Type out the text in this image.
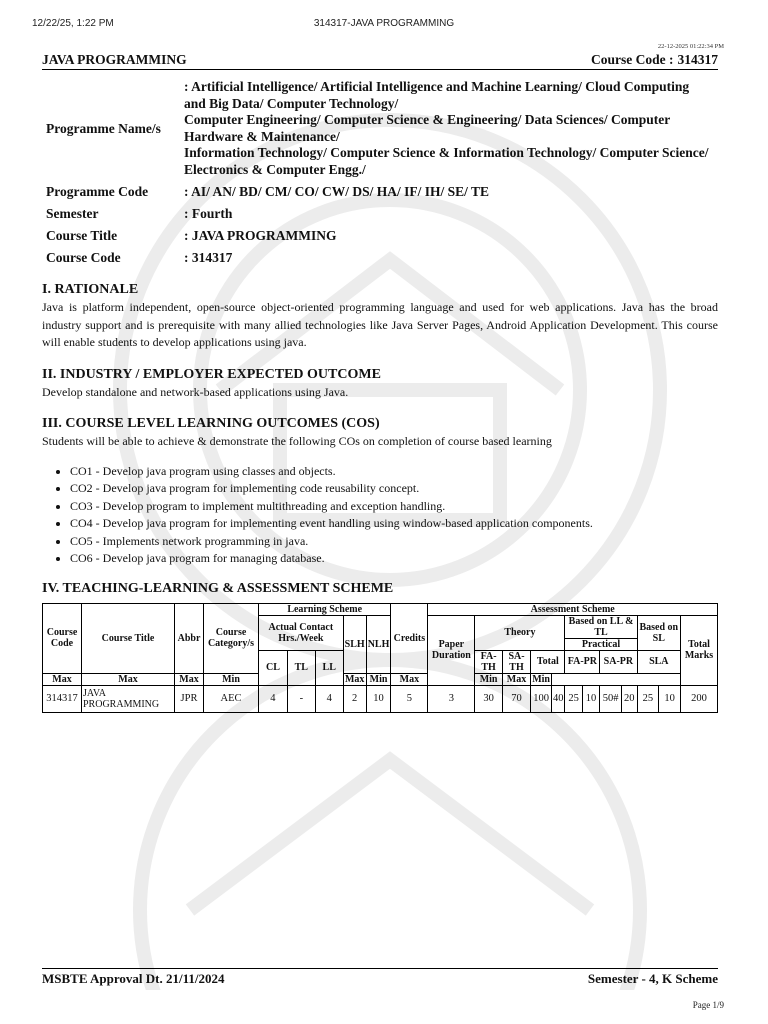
12/22/25, 1:22 PM	314317-JAVA PROGRAMMING
22-12-2025 01:22:34 PM
JAVA PROGRAMMING	Course Code : 314317
Programme Name/s	: Artificial Intelligence/ Artificial Intelligence and Machine Learning/ Cloud Computing and Big Data/ Computer Technology/
Computer Engineering/ Computer Science & Engineering/ Data Sciences/ Computer Hardware & Maintenance/
Information Technology/ Computer Science & Information Technology/ Computer Science/ Electronics & Computer Engg./

Programme Code	: AI/ AN/ BD/ CM/ CO/ CW/ DS/ HA/ IF/ IH/ SE/ TE
Semester	: Fourth
Course Title	: JAVA PROGRAMMING
Course Code	: 314317
I. RATIONALE

Java is platform independent, open-source object-oriented programming language and used for web applications. Java has the broad industry support and is prerequisite with many allied technologies like Java Server Pages, Android Application Development. This course will enable students to develop applications using java.

II. INDUSTRY / EMPLOYER EXPECTED OUTCOME

Develop standalone and network-based applications using Java.

III. COURSE LEVEL LEARNING OUTCOMES (COS)

Students will be able to achieve & demonstrate the following COs on completion of course based learning

• CO1 - Develop java program using classes and objects.
• CO2 - Develop java program for implementing code reusability concept.
• CO3 - Develop program to implement multithreading and exception handling.
• CO4 - Develop java program for implementing event handling using window-based application components.
• CO5 - Implements network programming in java.
• CO6 - Develop java program for managing database.
IV. TEACHING-LEARNING & ASSESSMENT SCHEME
Course Code	Course Title	Abbr	Course Category/s	Learning Scheme					Credits	Assessment Scheme											
				Actual Contact Hrs./Week			SLH	NLH		Paper Duration	Theory				Based on LL & TL				Based on SL		Total Marks
															Practical						
				CL	TL	LL					FA-TH	SA-TH	Total		FA-PR		SA-PR		SLA		
Max	Max	Max	Min				Max	Min	Max		Min	Max	Min								
314317	JAVA PROGRAMMING	JPR	AEC	4	-	4	2	10	5	3	30	70	100	40	25	10	50#	20	25	10	200
MSBTE Approval Dt. 21/11/2024	Semester - 4, K Scheme
Page 1/9
